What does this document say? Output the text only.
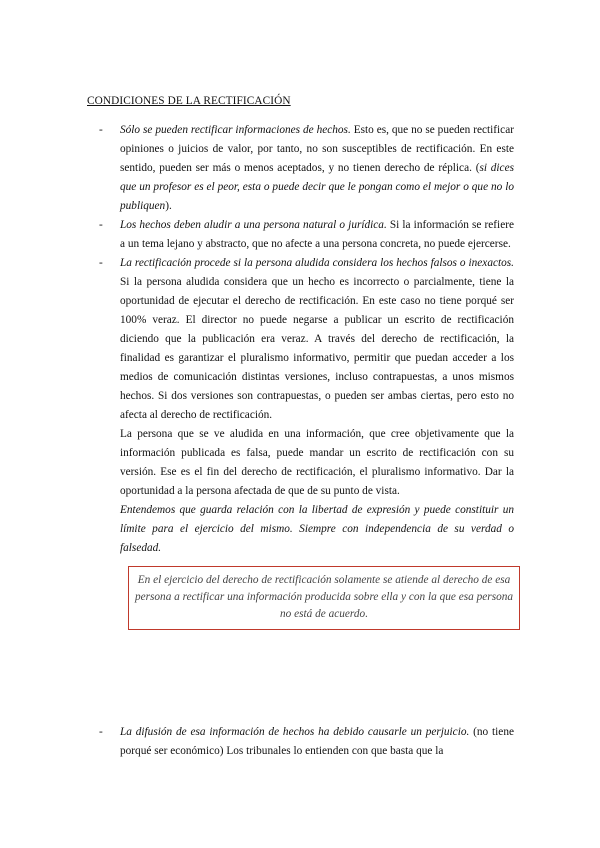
CONDICIONES DE LA RECTIFICACIÓN
- Sólo se pueden rectificar informaciones de hechos. Esto es, que no se pueden rectificar opiniones o juicios de valor, por tanto, no son susceptibles de rectificación. En este sentido, pueden ser más o menos aceptados, y no tienen derecho de réplica. (si dices que un profesor es el peor, esta o puede decir que le pongan como el mejor o que no lo publiquen).

- Los hechos deben aludir a una persona natural o jurídica. Si la información se refiere a un tema lejano y abstracto, que no afecte a una persona concreta, no puede ejercerse.

- La rectificación procede si la persona aludida considera los hechos falsos o inexactos. Si la persona aludida considera que un hecho es incorrecto o parcialmente, tiene la oportunidad de ejecutar el derecho de rectificación. En este caso no tiene porqué ser 100% veraz. El director no puede negarse a publicar un escrito de rectificación diciendo que la publicación era veraz. A través del derecho de rectificación, la finalidad es garantizar el pluralismo informativo, permitir que puedan acceder a los medios de comunicación distintas versiones, incluso contrapuestas, a unos mismos hechos. Si dos versiones son contrapuestas, o pueden ser ambas ciertas, pero esto no afecta al derecho de rectificación.

La persona que se ve aludida en una información, que cree objetivamente que la información publicada es falsa, puede mandar un escrito de rectificación con su versión. Ese es el fin del derecho de rectificación, el pluralismo informativo. Dar la oportunidad a la persona afectada de que de su punto de vista.

Entendemos que guarda relación con la libertad de expresión y puede constituir un límite para el ejercicio del mismo. Siempre con independencia de su verdad o falsedad.

En el ejercicio del derecho de rectificación solamente se atiende al derecho de esa persona a rectificar una información producida sobre ella y con la que esa persona no está de acuerdo.
- La difusión de esa información de hechos ha debido causarle un perjuicio. (no tiene porqué ser económico) Los tribunales lo entienden con que basta que la
